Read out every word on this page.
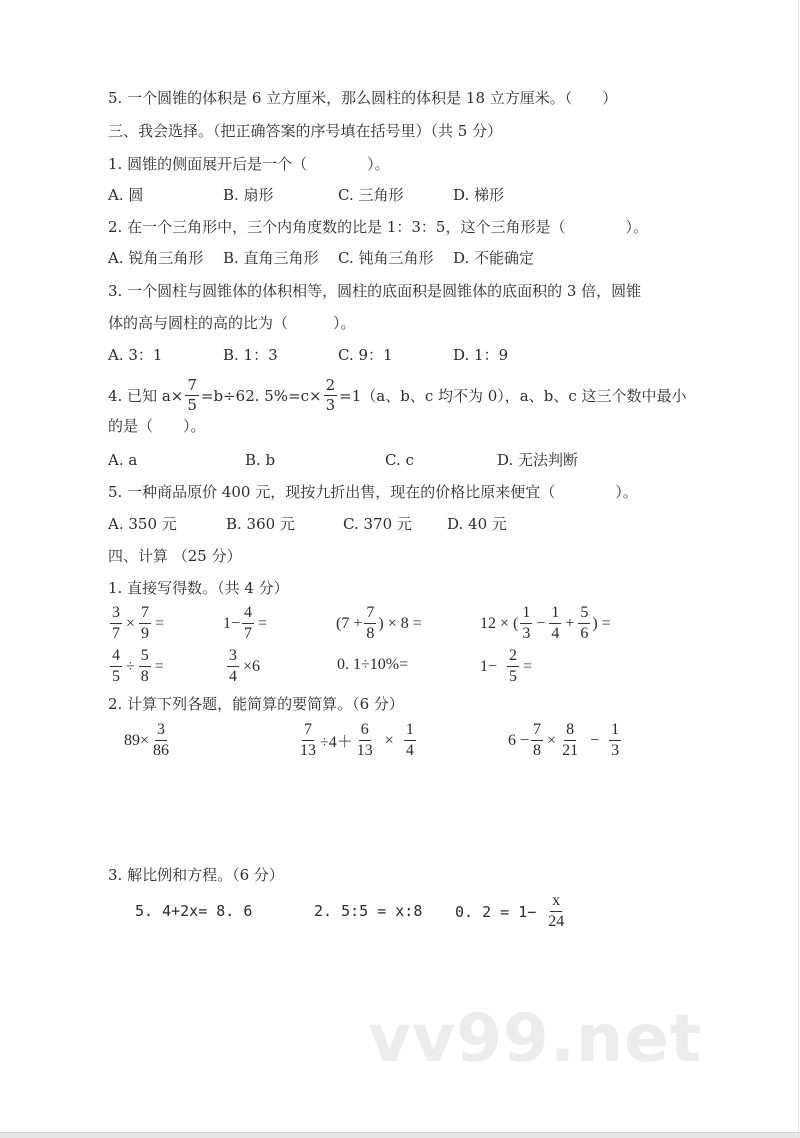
5. 一个圆锥的体积是 6 立方厘米，那么圆柱的体积是 18 立方厘米。（　　）
三、我会选择。（把正确答案的序号填在括号里）（共 5 分）
1. 圆锥的侧面展开后是一个（　　　　）。
A. 圆	B. 扇形	C. 三角形	D. 梯形
2. 在一个三角形中，三个内角度数的比是 1：3：5，这个三角形是（　　　　）。
A. 锐角三角形 B. 直角三角形 C. 钝角三角形 D. 不能确定
3. 一个圆柱与圆锥体的体积相等，圆柱的底面积是圆锥体的底面积的 3 倍，圆锥
体的高与圆柱的高的比为（　　　）。
A. 3：1	B. 1：3	C. 9：1	D. 1：9
4. 已知 $a\times \frac{7}{5} =b\div 62$. $5\%=c\times \frac{2}{3} =1(a$、b、c 均不为 0），a、b、c 这三个数中最小
的是（　　）。
A. a	B. b	C. c	D. 无法判断
5. 一种商品原价 400 元，现按九折出售，现在的价格比原来便宜（　　　　）。
A. 350 元	B. 360 元	C. 370 元 D. 40 元
四、计算 （25 分）
1. 直接写得数。（共 4 分）
$\frac{3}{7} \times \frac{7}{9}$ =	$1- \frac{4}{7}$ =	($7 + \frac{7}{8}$ ) × 8 =	12 × ( $\frac{1}{3} - \frac{1}{4} + \frac{5}{6}$ ) =
$\frac{4}{5} \div \frac{5}{8}$ =	$\frac{3}{4} \times 6$	0. 1÷10%=	$1- \frac{2}{5}$ =
2. 计算下列各题，能简算的要简算。（6 分）
$89\times \frac{3}{86}$	$\frac{7}{13} \div 4+ \frac{6}{13} \times \frac{1}{4}$	$6 - \frac{7}{8} \times \frac{8}{21} - \frac{1}{3}$
3. 解比例和方程。（6 分）
5. 4+2x= 8. 6	2. 5:5 = x:8 0. $2 = 1- \frac{x}{24}$
vv99.net
